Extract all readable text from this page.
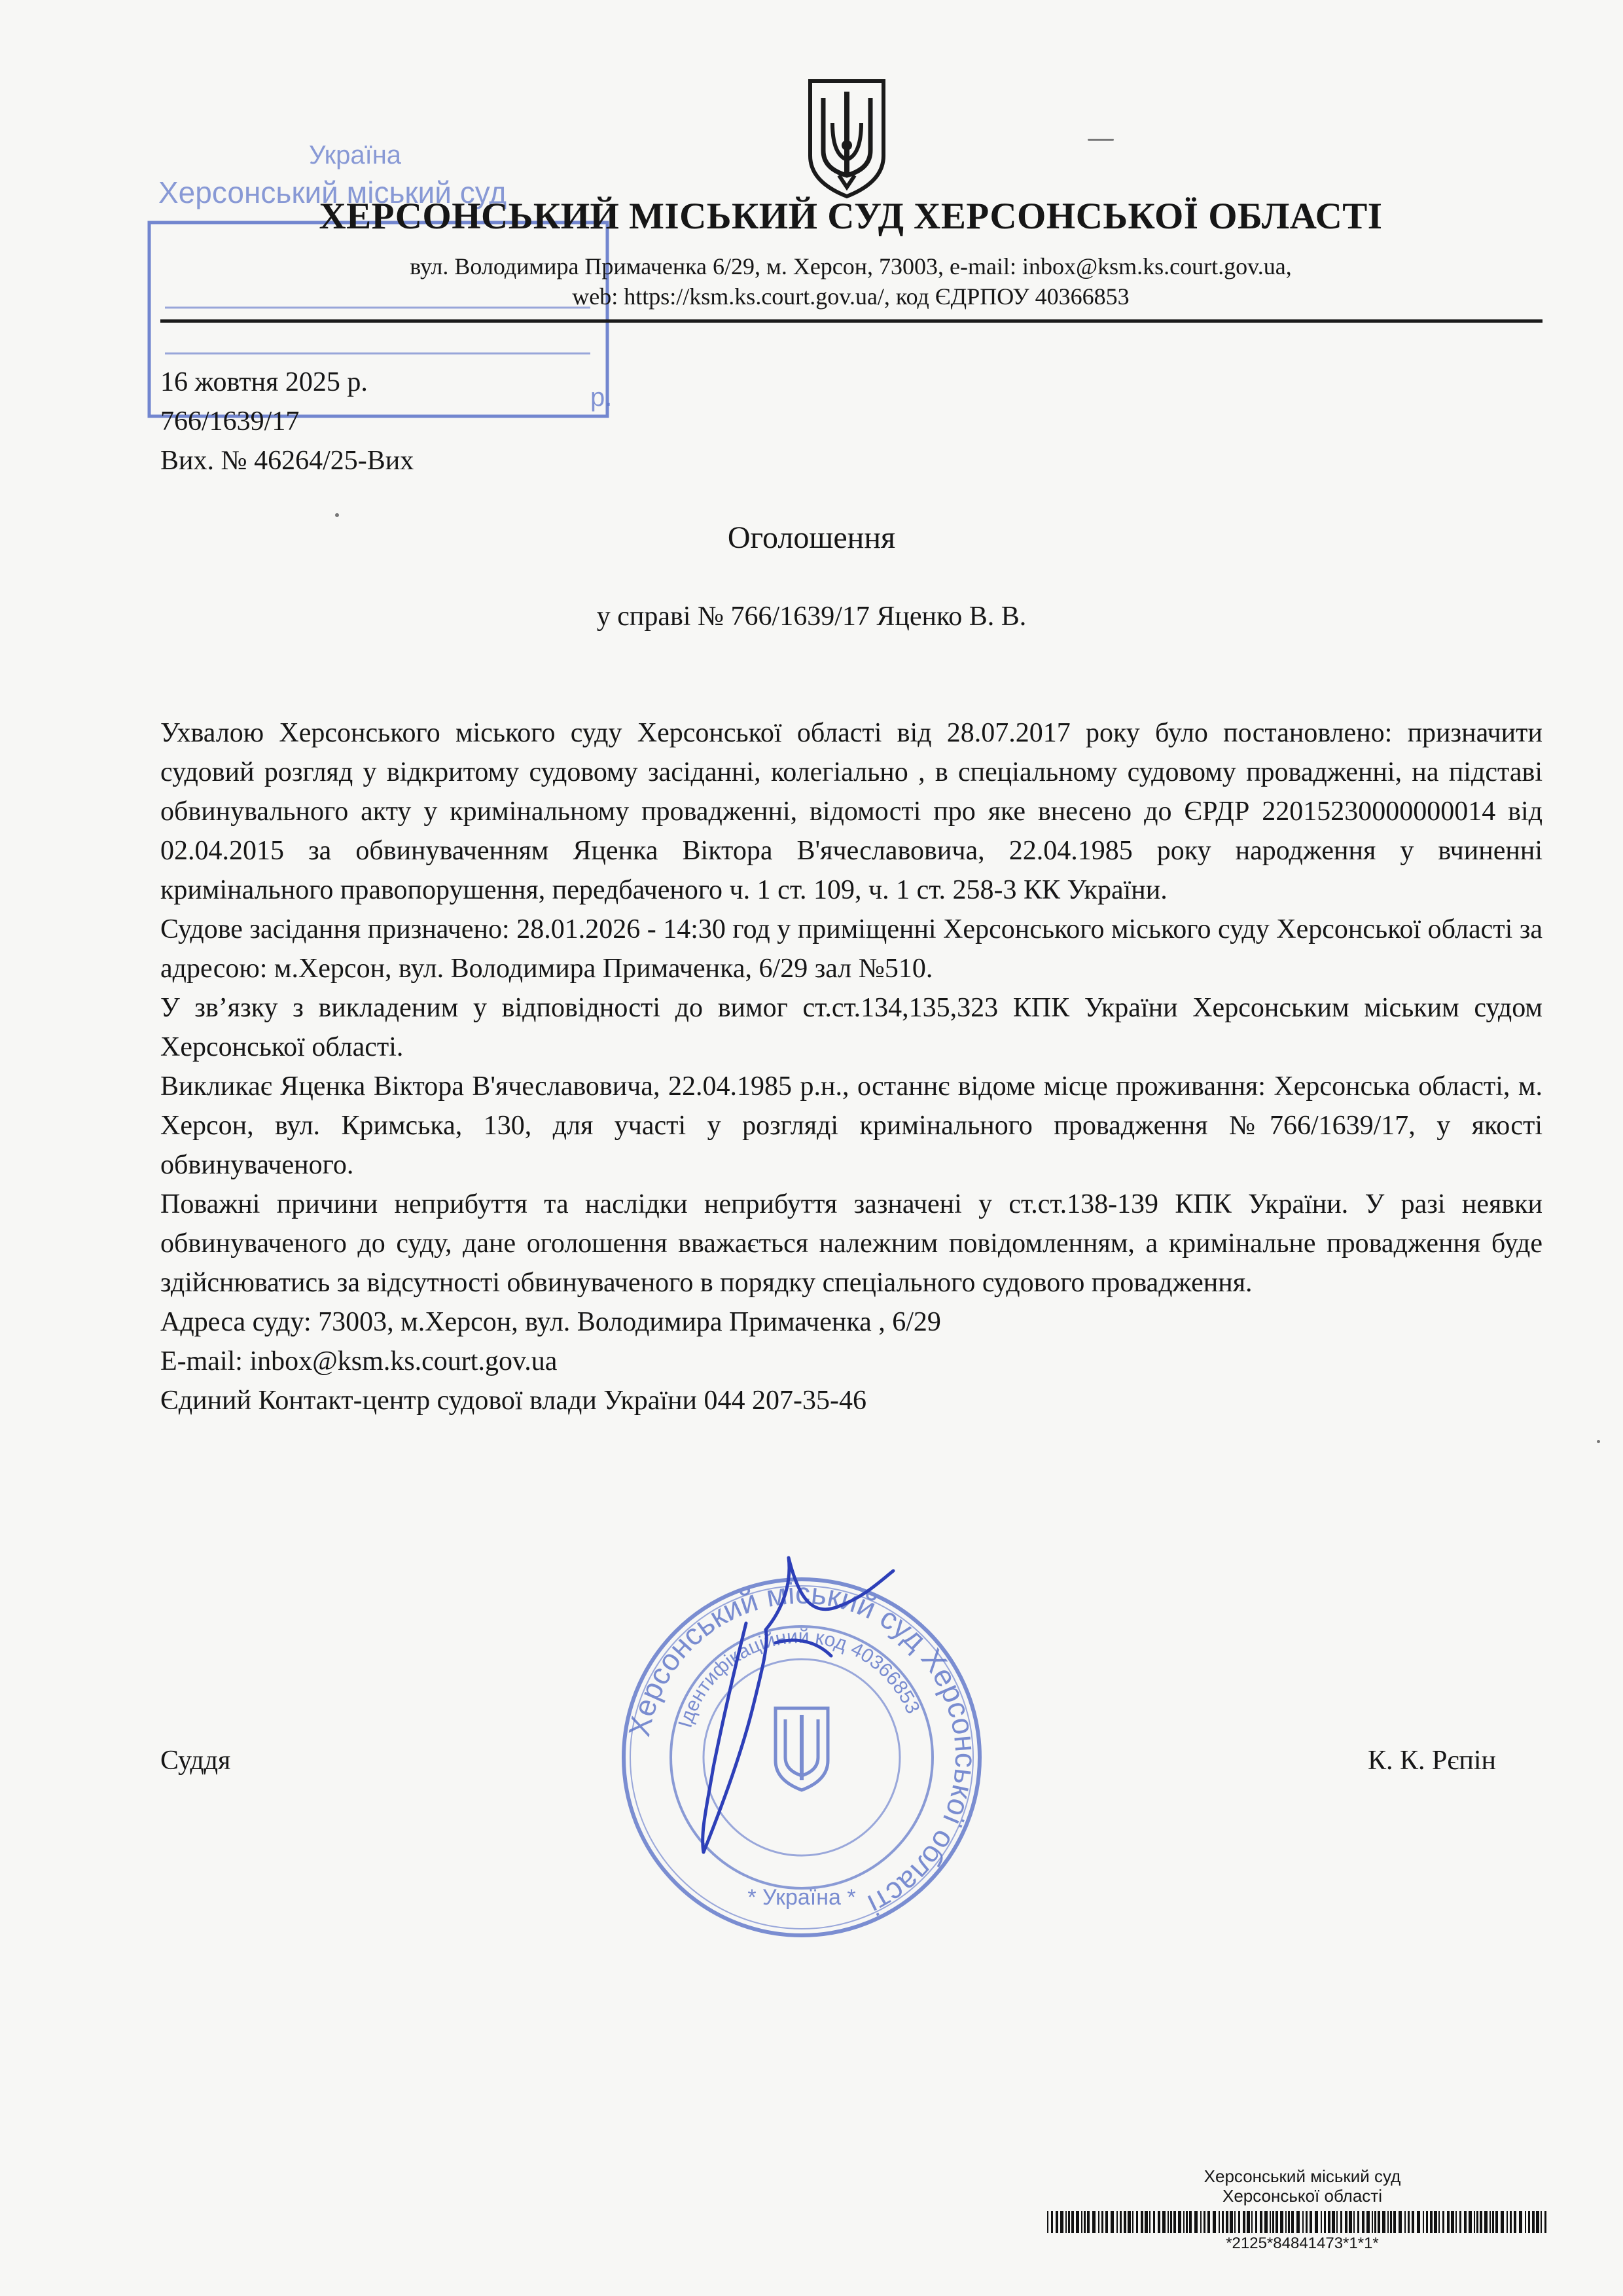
Україна
Херсонський міський суд
р.
ХЕРСОНСЬКИЙ МІСЬКИЙ СУД ХЕРСОНСЬКОЇ ОБЛАСТІ
вул. Володимира Примаченка 6/29, м. Херсон, 73003, e-mail: inbox@ksm.ks.court.gov.ua,
web: https://ksm.ks.court.gov.ua/, код ЄДРПОУ 40366853
16 жовтня 2025 р.
766/1639/17
Вих. № 46264/25-Вих
Оголошення
у справі № 766/1639/17 Яценко В. В.

Ухвалою Херсонського міського суду Херсонської області від 28.07.2017 року було постановлено: призначити судовий розгляд у відкритому судовому засіданні, колегіально , в спеціальному судовому провадженні, на підставі обвинувального акту у кримінальному провадженні, відомості про яке внесено до ЄРДР 22015230000000014 від 02.04.2015 за обвинуваченням Яценка Віктора В'ячеславовича, 22.04.1985 року народження у вчиненні кримінального правопорушення, передбаченого ч. 1 ст. 109, ч. 1 ст. 258-3 КК України.

Судове засідання призначено: 28.01.2026 - 14:30 год у приміщенні Херсонського міського суду Херсонської області за адресою: м.Херсон, вул. Володимира Примаченка, 6/29 зал №510.

У зв’язку з викладеним у відповідності до вимог ст.ст.134,135,323 КПК України Херсонським міським судом Херсонської області.

Викликає Яценка Віктора В'ячеславовича, 22.04.1985 р.н., останнє відоме місце проживання: Херсонська області, м. Херсон, вул. Кримська, 130, для участі у розгляді кримінального провадження №766/1639/17, у якості обвинуваченого.

Поважні причини неприбуття та наслідки неприбуття зазначені у ст.ст.138-139 КПК України. У разі неявки обвинуваченого до суду, дане оголошення вважається належним повідомленням, а кримінальне провадження буде здійснюватись за відсутності обвинуваченого в порядку спеціального судового провадження.

Адреса суду: 73003, м.Херсон, вул. Володимира Примаченка , 6/29

E-mail: inbox@ksm.ks.court.gov.ua

Єдиний Контакт-центр судової влади України 044 207-35-46

Херсонський міський суд Херсонської області
Ідентифікаційний код 40366853
* Україна *
Суддя	К. К. Рєпін
Херсонський міський суд
Херсонської області
*2125*84841473*1*1*
